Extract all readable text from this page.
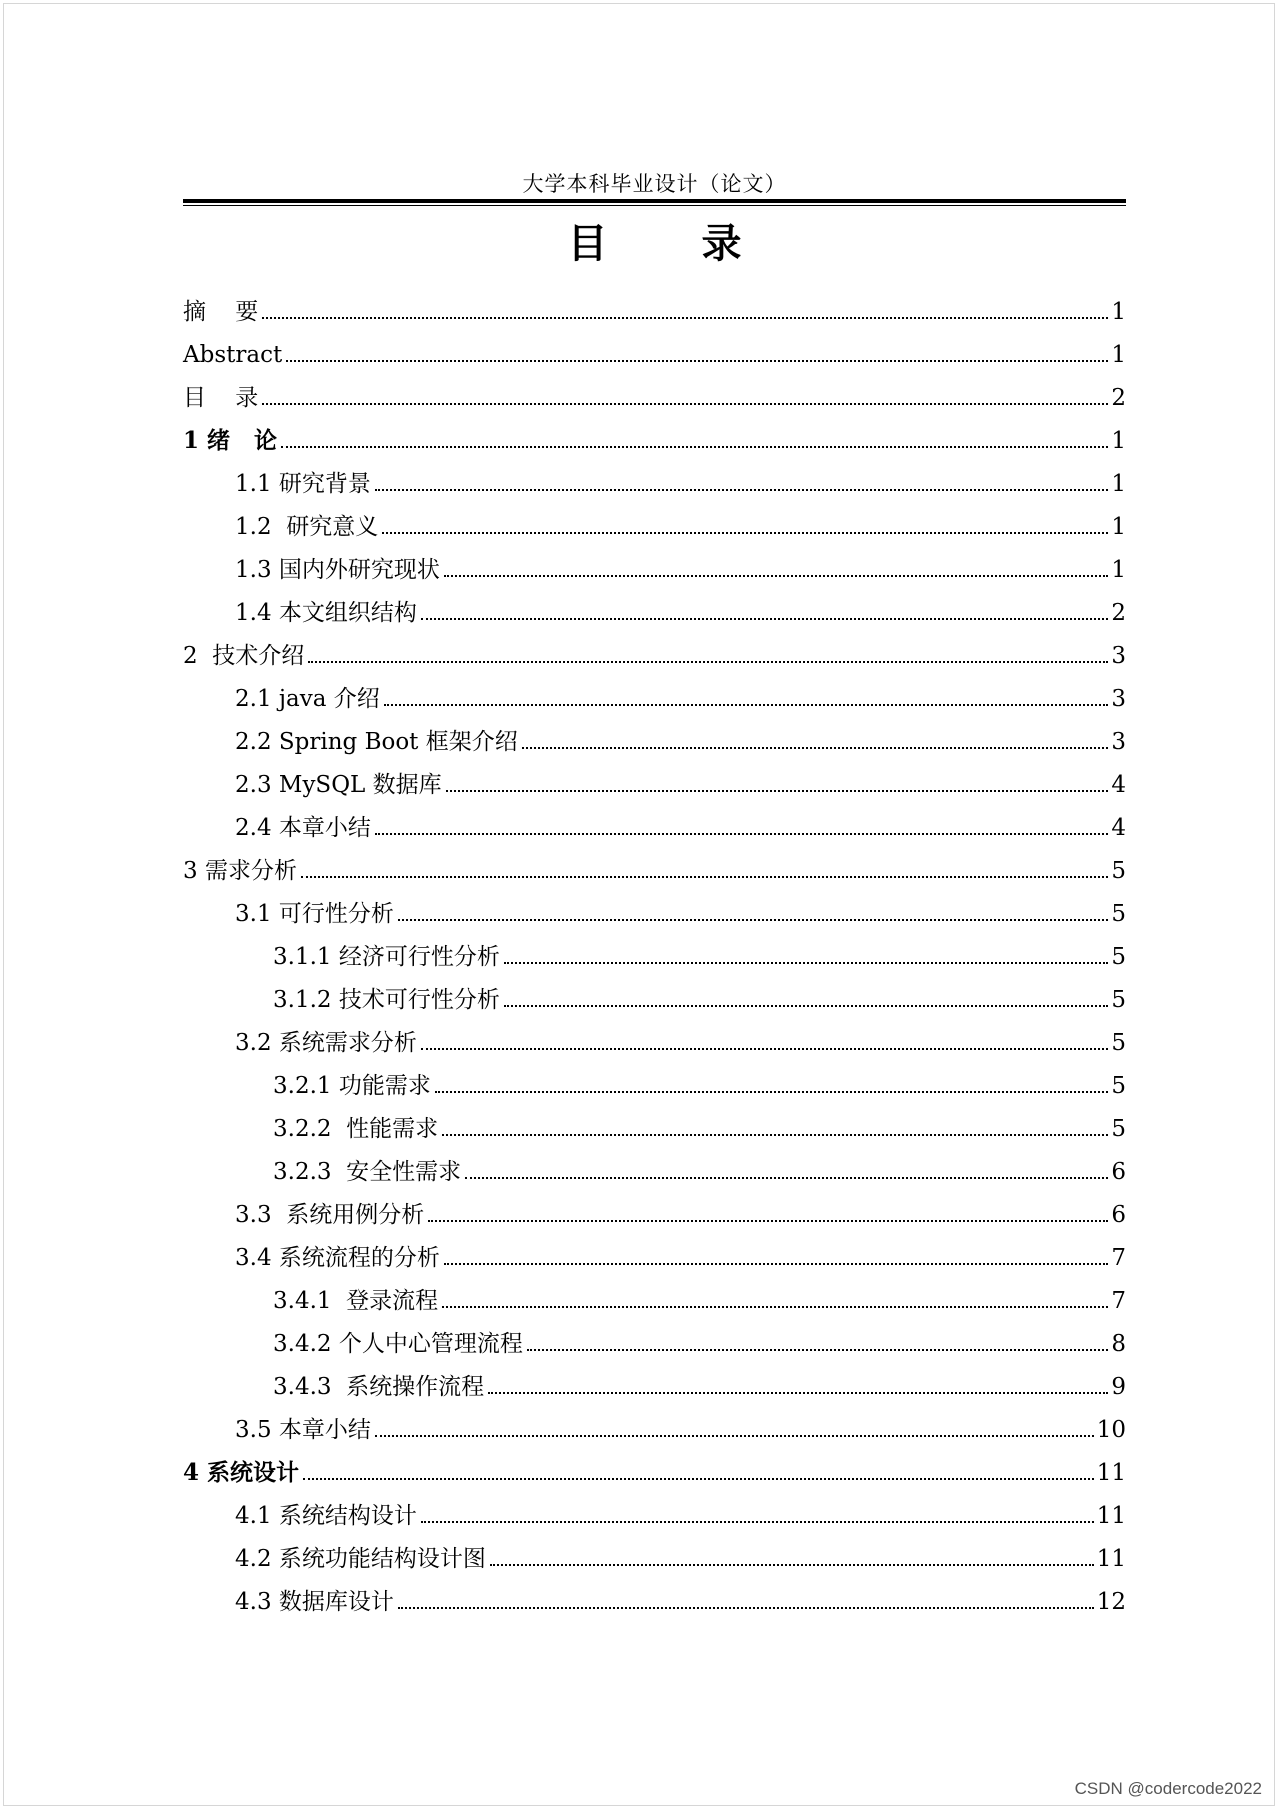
大学本科毕业设计（论文）
目 录
摘    要	1
Abstract	1
目    录	2
1 绪   论	1
1.1 研究背景	1
1.2  研究意义	1
1.3 国内外研究现状	1
1.4 本文组织结构	2
2  技术介绍	3
2.1 java 介绍	3
2.2 Spring Boot 框架介绍	3
2.3 MySQL 数据库	4
2.4 本章小结	4
3 需求分析	5
3.1 可行性分析	5
3.1.1 经济可行性分析	5
3.1.2 技术可行性分析	5
3.2 系统需求分析	5
3.2.1 功能需求	5
3.2.2  性能需求	5
3.2.3  安全性需求	6
3.3  系统用例分析	6
3.4 系统流程的分析	7
3.4.1  登录流程	7
3.4.2 个人中心管理流程	8
3.4.3  系统操作流程	9
3.5 本章小结	10
4 系统设计	11
4.1 系统结构设计	11
4.2 系统功能结构设计图	11
4.3 数据库设计	12
CSDN @codercode2022
